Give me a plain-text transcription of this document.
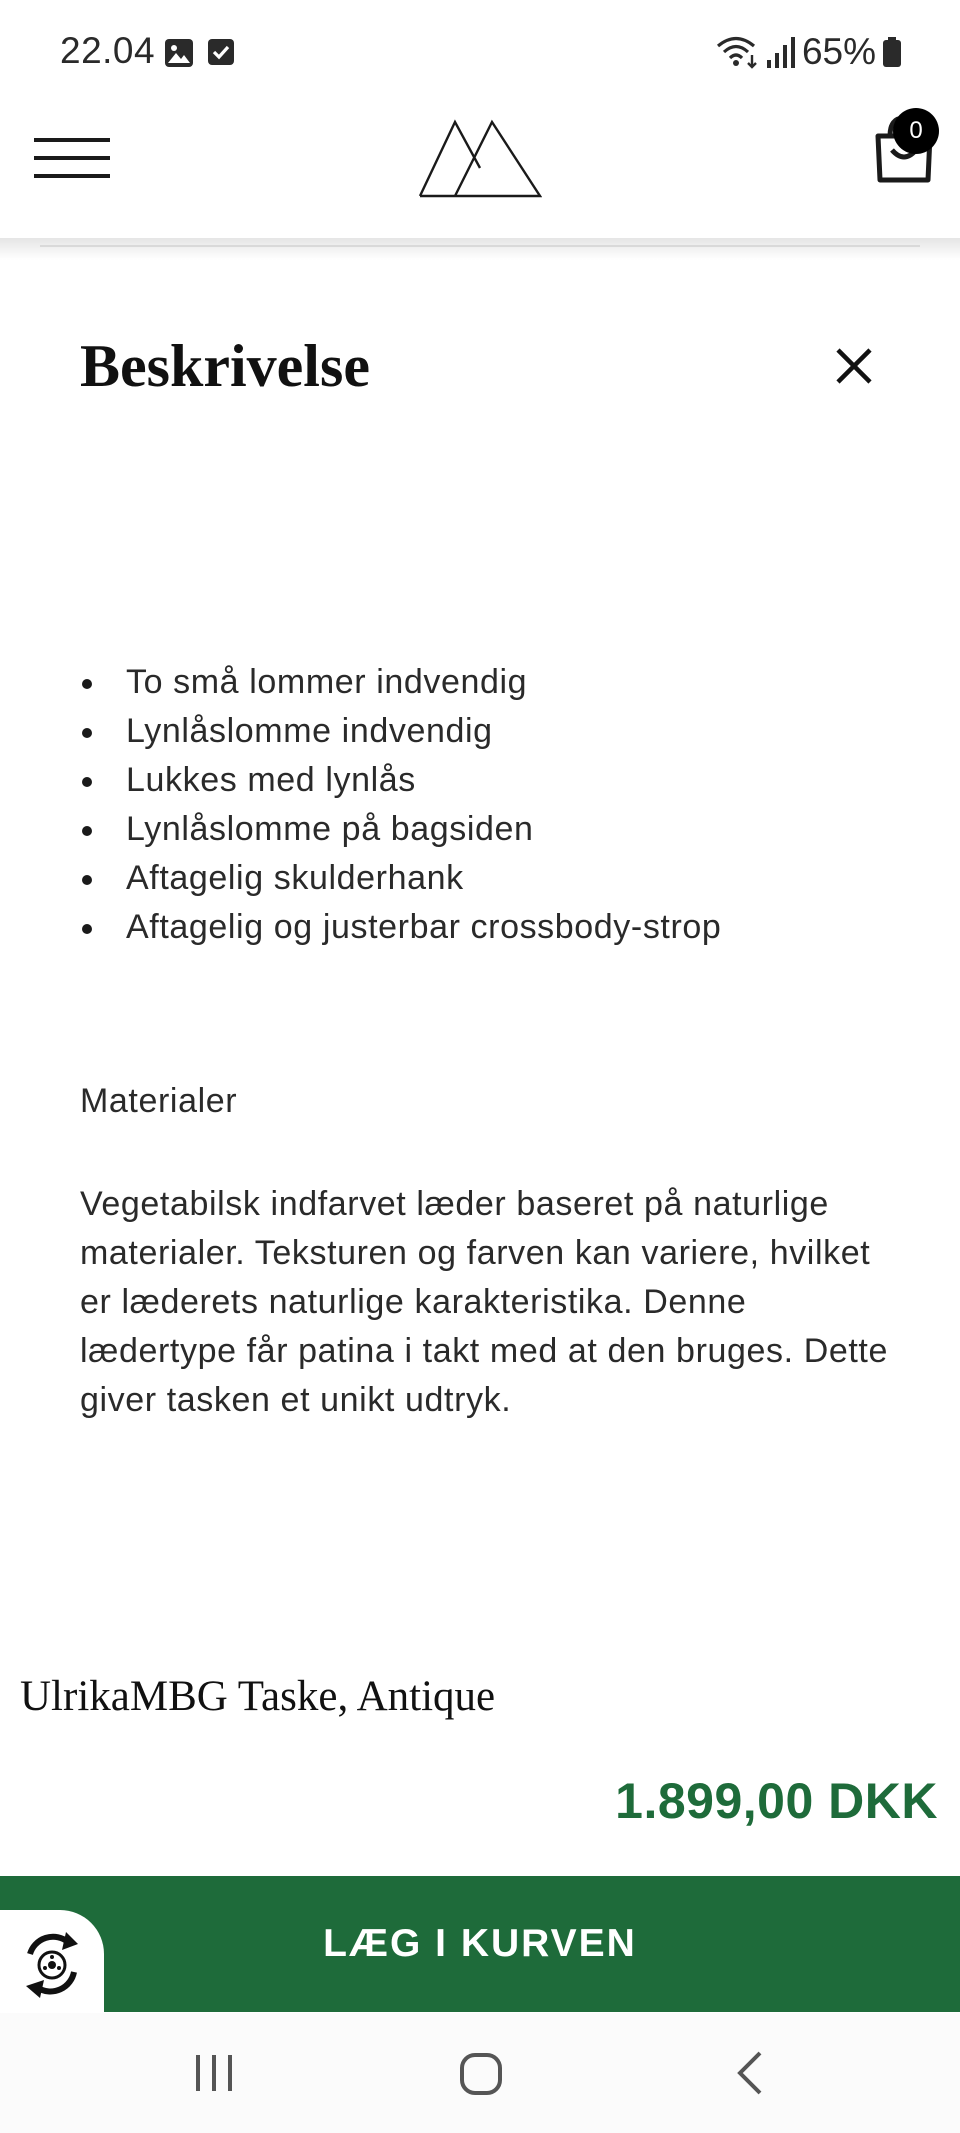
22.04	65%
0
Beskrivelse
To små lommer indvendig
Lynlåslomme indvendig
Lukkes med lynlås
Lynlåslomme på bagsiden
Aftagelig skulderhank
Aftagelig og justerbar crossbody-strop
Materialer

Vegetabilsk indfarvet læder baseret på naturlige materialer. Teksturen og farven kan variere, hvilket er læderets naturlige karakteristika. Denne lædertype får patina i takt med at den bruges. Dette giver tasken et unikt udtryk.

UlrikaMBG Taske, Antique
1.899,00 DKK
LÆG I KURVEN
